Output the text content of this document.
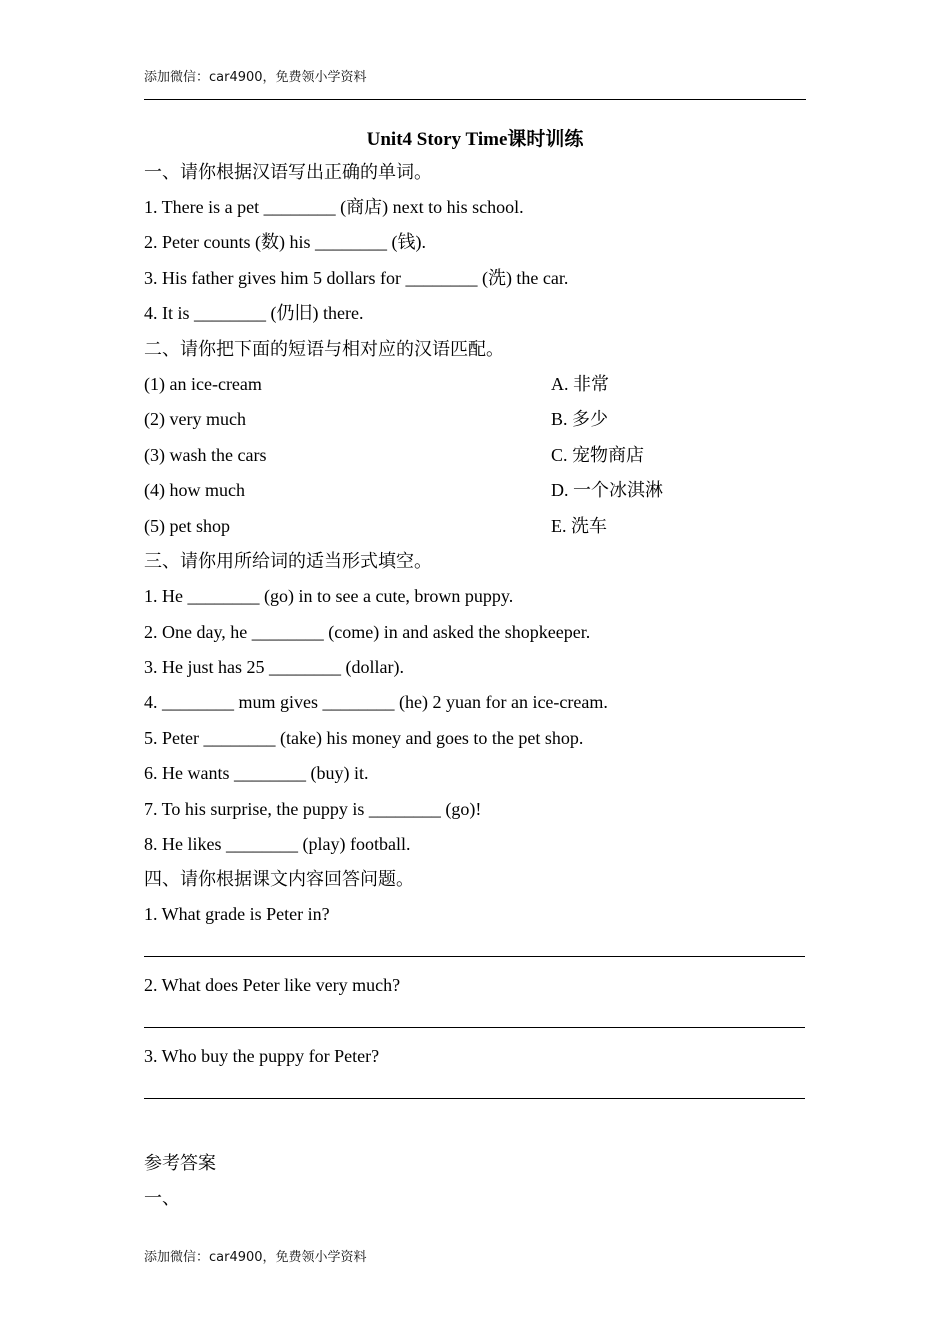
添加微信：car4900，免费领小学资料
Unit4 Story Time课时训练
一、请你根据汉语写出正确的单词。
1. There is a pet ________ (商店) next to his school.
2. Peter counts (数) his ________ (钱).
3. His father gives him 5 dollars for ________ (洗) the car.
4. It is ________ (仍旧) there.
二、请你把下面的短语与相对应的汉语匹配。
(1) an ice-cream	A. 非常
(2) very much	B. 多少
(3) wash the cars	C. 宠物商店
(4) how much	D. 一个冰淇淋
(5) pet shop	E. 洗车
三、请你用所给词的适当形式填空。
1. He ________ (go) in to see a cute, brown puppy.
2. One day, he ________ (come) in and asked the shopkeeper.
3. He just has 25 ________ (dollar).
4. ________ mum gives ________ (he) 2 yuan for an ice-cream.
5. Peter ________ (take) his money and goes to the pet shop.
6. He wants ________ (buy) it.
7. To his surprise, the puppy is ________ (go)!
8. He likes ________ (play) football.
四、请你根据课文内容回答问题。
1. What grade is Peter in?
2. What does Peter like very much?
3. Who buy the puppy for Peter?
参考答案
一、
添加微信：car4900，免费领小学资料
